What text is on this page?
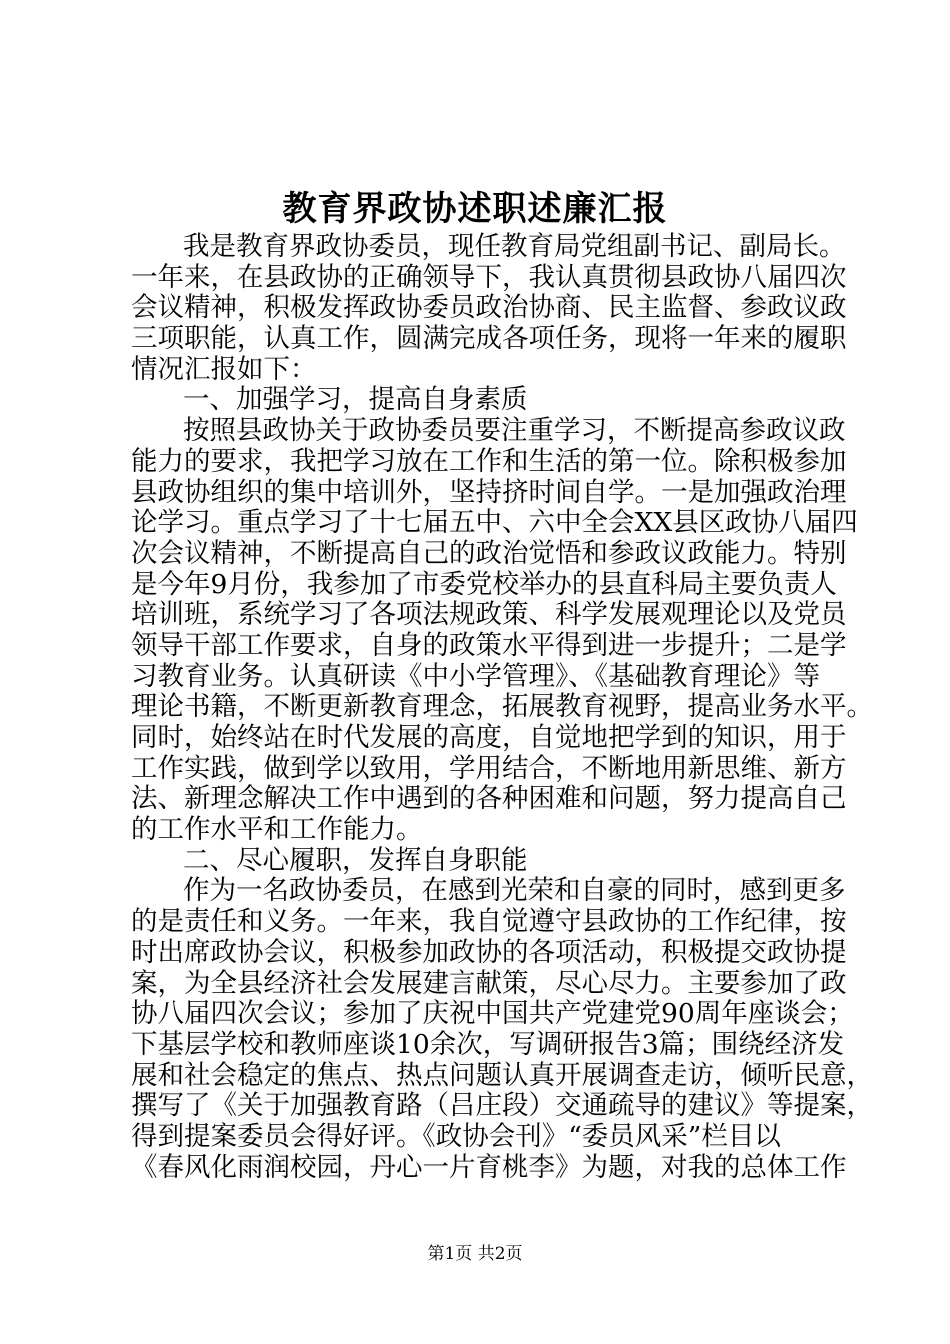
教育界政协述职述廉汇报
我是教育界政协委员，现任教育局党组副书记、副局长。
一年来，在县政协的正确领导下，我认真贯彻县政协八届四次
会议精神，积极发挥政协委员政治协商、民主监督、参政议政
三项职能，认真工作，圆满完成各项任务，现将一年来的履职
情况汇报如下：
一、加强学习，提高自身素质
按照县政协关于政协委员要注重学习，不断提高参政议政
能力的要求，我把学习放在工作和生活的第一位。除积极参加
县政协组织的集中培训外，坚持挤时间自学。一是加强政治理
论学习。重点学习了十七届五中、六中全会XX县区政协八届四
次会议精神，不断提高自己的政治觉悟和参政议政能力。特别
是今年9月份，我参加了市委党校举办的县直科局主要负责人
培训班，系统学习了各项法规政策、科学发展观理论以及党员
领导干部工作要求，自身的政策水平得到进一步提升；二是学
习教育业务。认真研读《中小学管理》、《基础教育理论》等
理论书籍，不断更新教育理念，拓展教育视野，提高业务水平。
同时，始终站在时代发展的高度，自觉地把学到的知识，用于
工作实践，做到学以致用，学用结合，不断地用新思维、新方
法、新理念解决工作中遇到的各种困难和问题，努力提高自己
的工作水平和工作能力。
二、尽心履职，发挥自身职能
作为一名政协委员，在感到光荣和自豪的同时，感到更多
的是责任和义务。一年来，我自觉遵守县政协的工作纪律，按
时出席政协会议，积极参加政协的各项活动，积极提交政协提
案，为全县经济社会发展建言献策，尽心尽力。主要参加了政
协八届四次会议；参加了庆祝中国共产党建党90周年座谈会；
下基层学校和教师座谈10余次，写调研报告3篇；围绕经济发
展和社会稳定的焦点、热点问题认真开展调查走访，倾听民意，
撰写了《关于加强教育路（吕庄段）交通疏导的建议》等提案，
得到提案委员会得好评。《政协会刊》“委员风采”栏目以
《春风化雨润校园，丹心一片育桃李》为题，对我的总体工作
第1页 共2页
